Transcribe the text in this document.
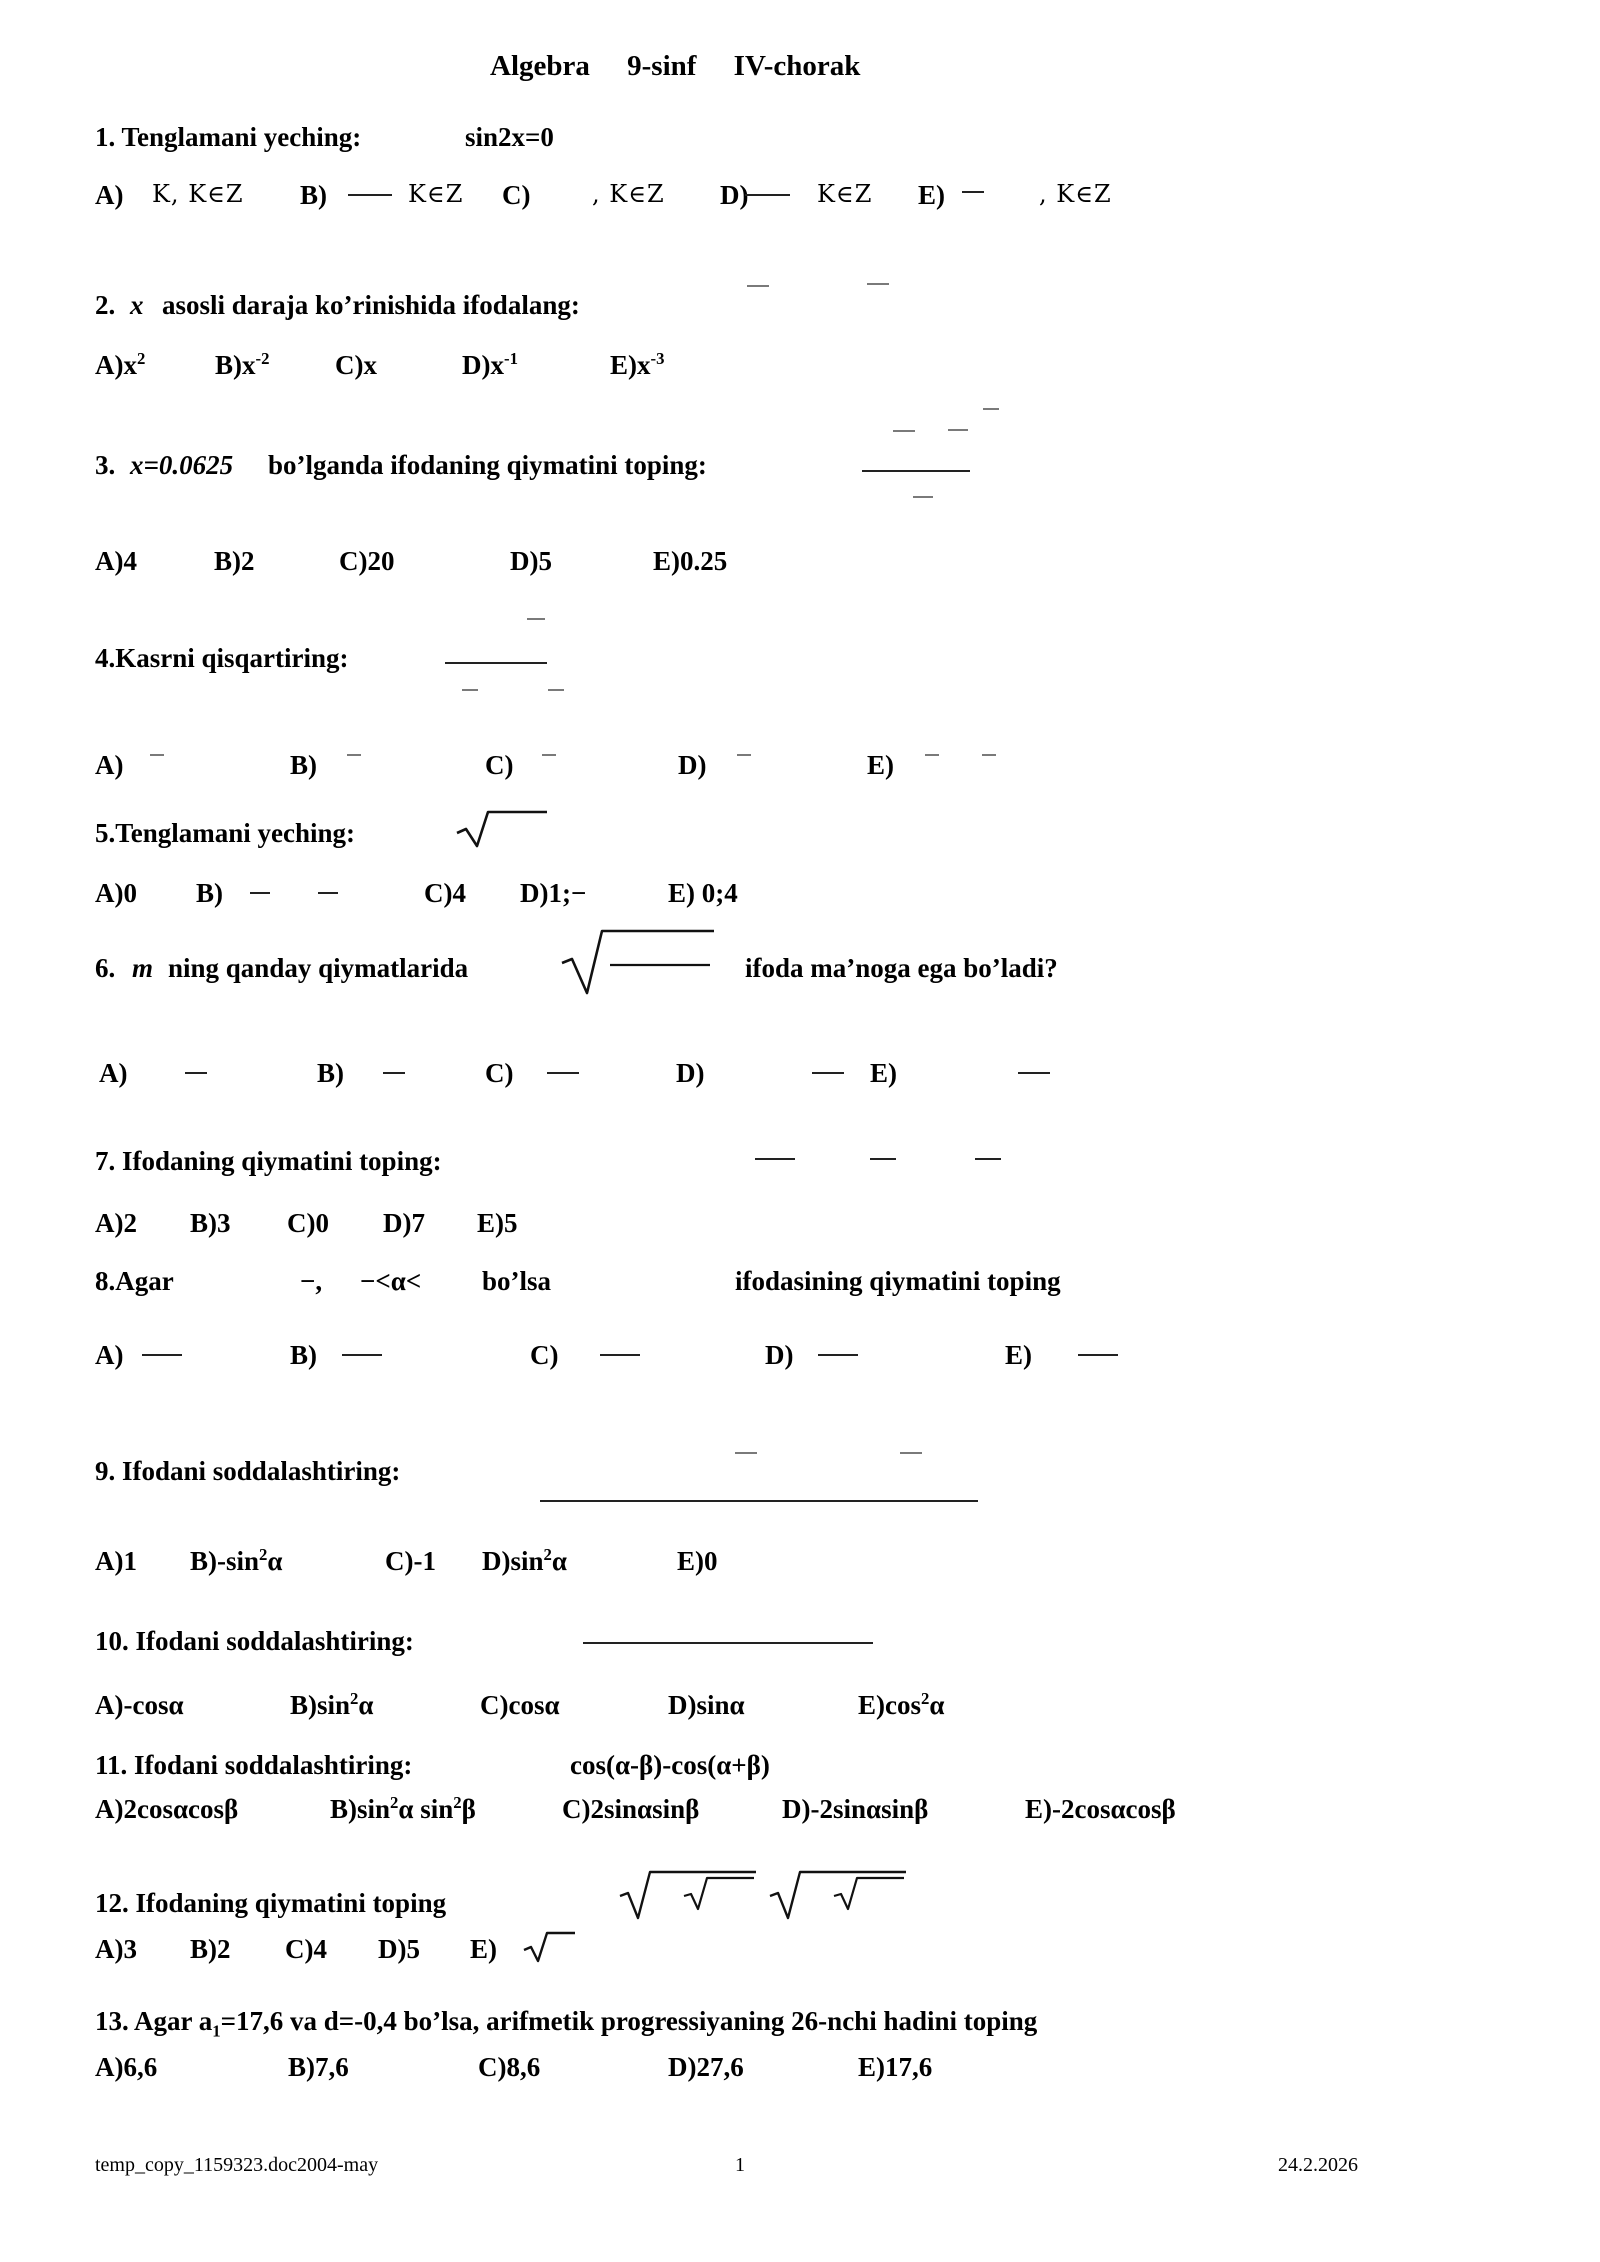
Algebra 9-sinf IV-chorak
1. Tenglamani yeching:	sin2x=0
A) K, K∈Z B)	K∈Z C)	, K∈Z D)	K∈Z E)	, K∈Z
2. x asosli daraja ko’rinishida ifodalang:
$A)x^2$	$B)x^{-2}$ C)x	$D)x^{-1}$	$E)x^{-3}$
3. x=0.0625 bo’lganda ifodaning qiymatini toping:
A)4	B)2	C)20	D)5	E)0.25
4.Kasrni qisqartiring:
A)	B)	C)	D)	E)
5.Tenglamani yeching:
A)0 B)	C)4 D)1;−	E) 0;4
6. m ning qanday qiymatlarida	ifoda ma’noga ega bo’ladi?
A)	B)	C)	D)	E)
7. Ifodaning qiymatini toping:
A)2 B)3 C)0 D)7 E)5
8.Agar	−, −<α< bo’lsa	ifodasining qiymatini toping
A)	B)	C)	D)	E)
9. Ifodani soddalashtiring:
A)1 $B)-\sin^2\alpha$	C)-1 $D)\sin^2\alpha$	E)0
10. Ifodani soddalashtiring:
A)-cosα	$B)\sin^2\alpha$	C)cosα	D)sinα	$E)\cos^2\alpha$
11. Ifodani soddalashtiring:	cos(α-β)-cos(α+β)
A)2cosαcosβ	$B)\sin^2\alpha$ $\sin^2\beta$	C)2sinαsinβ	D)-2sinαsinβ	E)-2cosαcosβ
12. Ifodaning qiymatini toping
A)3 B)2 C)4 D)5 E)
13. Agar $a_1=17,6$ va d=-0,4 bo’lsa, arifmetik progressiyaning 26-nchi hadini toping
A)6,6	B)7,6	C)8,6	D)27,6	E)17,6
temp_copy_1159323.doc2004-may	1	24.2.2026
